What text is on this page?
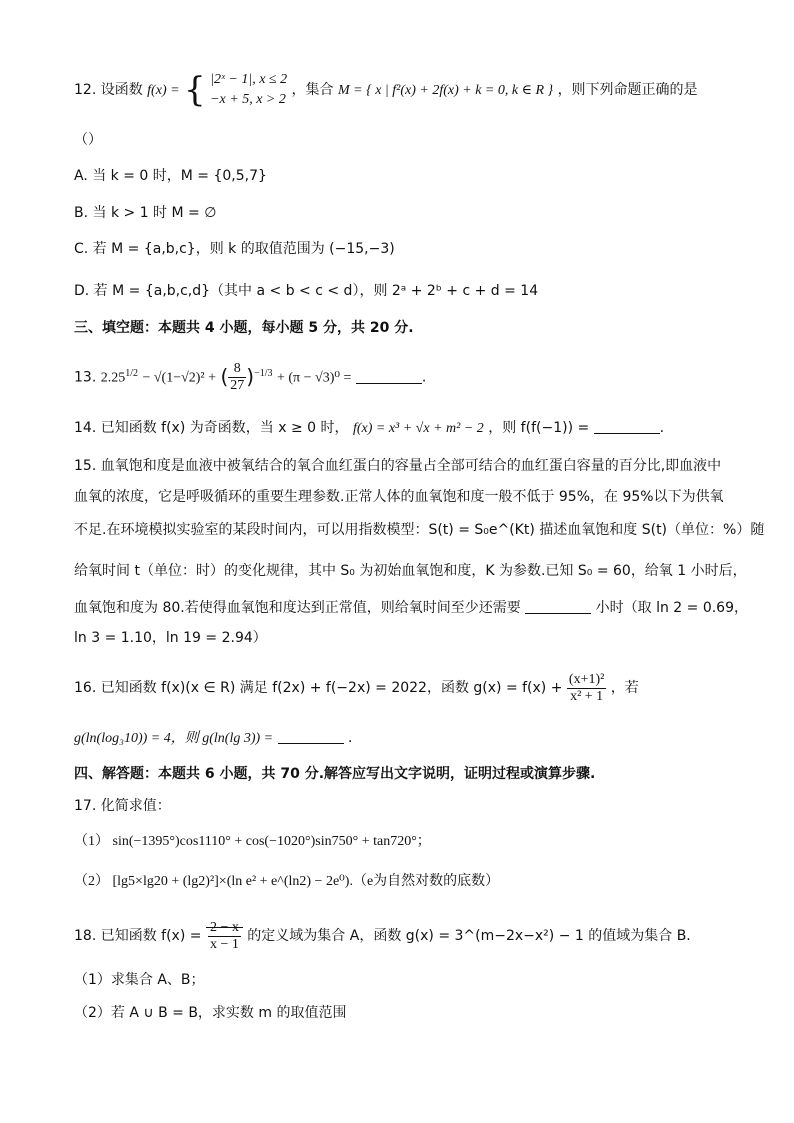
12. 设函数 f(x) = { |2ˣ − 1|, x ≤ 2
−x + 5, x > 2
，集合 M = { x | f²(x) + 2f(x) + k = 0, k ∈ R } ，则下列命题正确的是
（）
A. 当 k = 0 时，M = {0,5,7}
B. 当 k > 1 时 M = ∅
C. 若 M = {a,b,c}，则 k 的取值范围为 (−15,−3)
D. 若 M = {a,b,c,d}（其中 a < b < c < d），则 2ᵃ + 2ᵇ + c + d = 14
三、填空题：本题共 4 小题，每小题 5 分，共 20 分.
13. $2.25^{1/2} - √(1-√2)^2$ + ( $\frac{8}{27} )^{-1/3} + (\pi - √3)^0$ =	.
14. 已知函数 f(x) 为奇函数，当 x ≥ 0 时， f(x) = x³ + √x + m² − 2 ，则 f(f(−1)) =	.
15. 血氧饱和度是血液中被氧结合的氧合血红蛋白的容量占全部可结合的血红蛋白容量的百分比,即血液中
血氧的浓度，它是呼吸循环的重要生理参数.正常人体的血氧饱和度一般不低于 95%，在 95%以下为供氧
不足.在环境模拟实验室的某段时间内，可以用指数模型：S(t) = S₀e^(Kt) 描述血氧饱和度 S(t)（单位：%）随
给氧时间 t（单位：时）的变化规律，其中 S₀ 为初始血氧饱和度，K 为参数.已知 S₀ = 60，给氧 1 小时后，
血氧饱和度为 80.若使得血氧饱和度达到正常值，则给氧时间至少还需要	小时（取 ln 2 = 0.69，
ln 3 = 1.10，ln 19 = 2.94）
16. 已知函数 f(x)(x ∈ R) 满足 f(2x) + f(−2x) = 2022，函数 $g(x) = f(x) + \frac{\text{(x+1)²}}{\text{x² + 1}}$ ，若
g(ln(log₃10)) = 4，则 g(ln(lg 3)) =	.
四、解答题：本题共 6 小题，共 70 分.解答应写出文字说明，证明过程或演算步骤.
17. 化简求值：
（1） sin(−1395°)cos1110° + cos(−1020°)sin750° + tan720°；
（2） [lg5×lg20 + (lg2)²]×(ln e² + e^(ln2) − 2e⁰).（e为自然对数的底数）
18. 已知函数 $f(x) = \frac{2 - x}{x - 1}$ 的定义域为集合 A，函数 g(x) = 3^(m−2x−x²) − 1 的值域为集合 B.
（1）求集合 A、B；
（2）若 A ∪ B = B，求实数 m 的取值范围
